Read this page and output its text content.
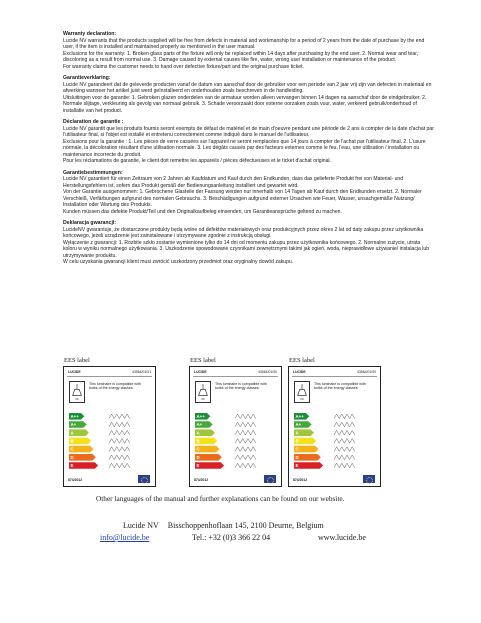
Warranty declaration:

Lucide NV warrants that the products supplied will be free from defects in material and workmanship for a period of 2 years from the date of purchase by the end user, if the item is installed and maintained properly as mentioned in the user manual.

Exclusions for the warranty: 1. Broken glass parts of the fixture will only be replaced within 14 days after purchasing by the end user. 2. Normal wear and tear, discoloring as a result from normal use. 3. Damage caused by external causes like fire, water, wrong use/ installation or maintenance of the product.

For warranty claims the customer needs to hand over defective fixture/part and the original purchase ticket.

Garantieverklaring:

Lucide NV garandeert dat de geleverde producten vanaf de datum van aanschaf door de gebruiker voor een periode van 2 jaar vrij zijn van defecten in materiaal en afwerking wanneer het artikel juist werd geïnstalleerd en onderhouden zoals beschreven in de handleiding.

Uitsluitingen voor de garantie: 1. Gebroken glazen onderdelen van de armatuur worden alleen vervangen binnen 14 dagen na aanschaf door de eindgebruiker. 2. Normale slijtage, verkleuring als gevolg van normaal gebruik. 3. Schade veroorzaakt door externe oorzaken zoals vuur, water, verkeerd gebruik/onderhoud of installatie van het product.

Déclaration de garantie :

Lucide NV garantit que les produits fournis seront exempts de défaut de matériel et de main d'oeuvre pendant une période de 2 ans à compter de la date d'achat par l'utilisateur final, si l'objet est installé et entretenu correctement comme indiqué dans le manuel de l'utilisateur.

Exclusions pour la garantie : 1. Les pièces de verre cassées sur l'appareil ne seront remplacées que 14 jours à compter de l'achat par l'utilisateur final. 2. L'usure normale, la décoloration résultant d'une utilisation normale. 3. Les dégâts causés par des facteurs externes comme le feu, l'eau, une utilisation / installation ou maintenance incorrecte du produit.

Pour les réclamations de garantie, le client doit remettre les appareils / pièces défectueuses et le ticket d'achat original.

Garantiebestimmungen:

Lucide NV garantiert für einen Zeitraum von 2 Jahren ab Kaufdatum und Kauf durch den Endkunden, dass das gelieferte Produkt frei von Material- und Herstellungsfehlern ist, sofern das Produkt gemäß der Bedienungsanleitung installiert und gewartet wird.

Von der Garantie ausgenommen: 1. Gebrochene Glasteile der Fassung werden nur innerhalb von 14 Tagen ab Kauf durch den Endkunden ersetzt. 2. Normaler Verschleiß, Verfärbungen aufgrund des normalen Gebrauchs. 3. Beschädigungen aufgrund externer Ursachen wie Feuer, Wasser, unsachgemäße Nutzung/ Installation oder Wartung des Produkts.

Kunden müssen das defekte Produkt/Teil und den Originalkaufbeleg einsenden, um Garantieansprüche geltend zu machen.

Deklaracja gwarancji:

LucideNV gwarantuje, że dostarczone produkty będą wolne od defektów materiałowych oraz produkcyjnych przez okres 2 lat od daty zakupu przez użytkownika końcowego, jeżeli urządzenie jest zainstalowane i utrzymywane zgodnie z instrukcją obsługi.

Wyłączenie z gwarancji: 1. Rozbite szkło zostanie wymienione tylko do 14 dni od momentu zakupu przez użytkownika końcowego. 2. Normalne zużycie, utrata koloru w wyniku normalnego użytkowania. 3. Uszkodzenie spowodowane czynnikami zewnętrznymi takimi jak ogień, woda, nieprawidłowe używanie/ instalacja lub utrzymywanie produktu.

W celu uzyskania gwarancji klient musi zwrócić uszkodzony przedmiot oraz oryginalny dowód zakupu.

EES label
LUCIDE	43564/01/01
This luminaire is compatible with bulbs of the energy classes:
A++
A+
A
B
C
D
E
874/2012
EES label
LUCIDE	43564/01/00
This luminaire is compatible with bulbs of the energy classes:
A++
A+
A
B
C
D
E
874/2012
EES label
LUCIDE	43564/01/00
This luminaire is compatible with bulbs of the energy classes:
A++
A+
A
B
C
D
E
874/2012
Other languages of the manual and further explanations can be found on our website.
Lucide NV Bisschoppenhoflaan 145, 2100 Deurne, Belgium
info@lucide.be	Tel.: +32 (0)3 366 22 04	www.lucide.be
